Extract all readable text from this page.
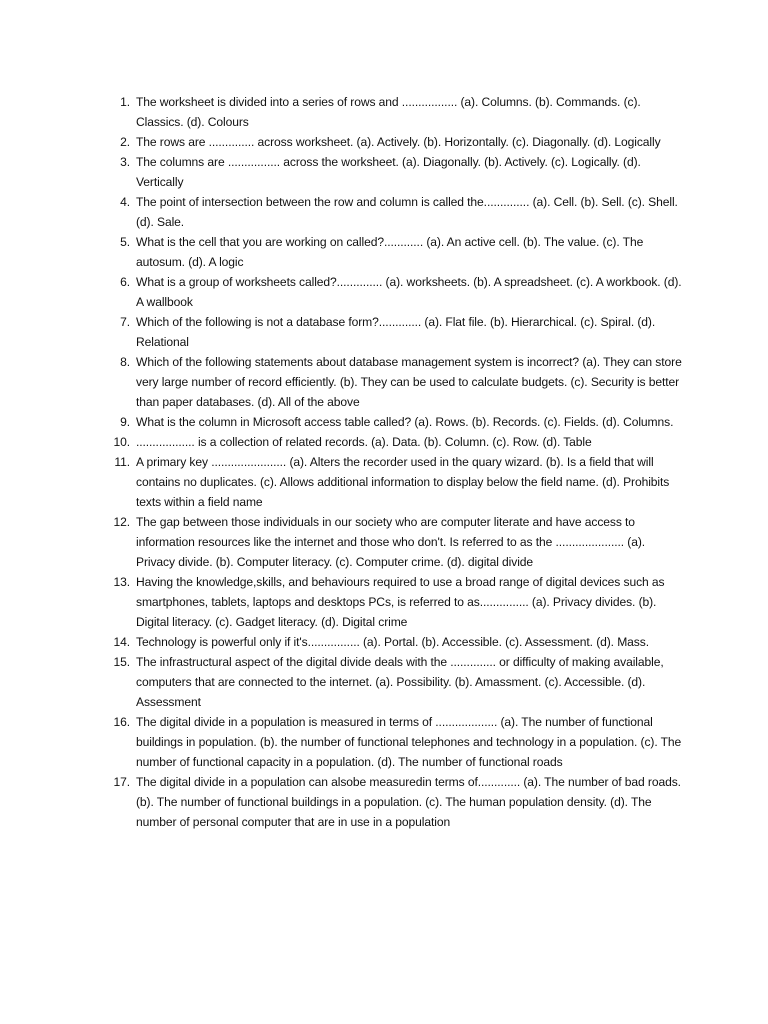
1. The worksheet is divided into a series of rows and ................. (a). Columns. (b). Commands. (c). Classics. (d). Colours
2. The rows are .............. across worksheet. (a). Actively. (b). Horizontally. (c). Diagonally. (d). Logically
3. The columns are ................ across the worksheet. (a). Diagonally. (b). Actively. (c). Logically. (d). Vertically
4. The point of intersection between the row and column is called the.............. (a). Cell. (b). Sell. (c). Shell. (d). Sale.
5. What is the cell that you are working on called?............ (a). An active cell. (b). The value. (c). The autosum. (d). A logic
6. What is a group of worksheets called?.............. (a). worksheets. (b). A spreadsheet. (c). A workbook. (d). A wallbook
7. Which of the following is not a database form?............. (a). Flat file. (b). Hierarchical. (c). Spiral. (d). Relational
8. Which of the following statements about database management system is incorrect? (a). They can store very large number of record efficiently. (b). They can be used to calculate budgets. (c). Security is better than paper databases. (d). All of the above
9. What is the column in Microsoft access table called? (a). Rows. (b). Records. (c). Fields. (d). Columns.
10. .................. is a collection of related records. (a). Data. (b). Column. (c). Row. (d). Table
11. A primary key ....................... (a). Alters the recorder used in the quary wizard. (b). Is a field that will contains no duplicates. (c). Allows additional information to display below the field name. (d). Prohibits texts within a field name
12. The gap between those individuals in our society who are computer literate and have access to information resources like the internet and those who don't. Is referred to as the ..................... (a). Privacy divide. (b). Computer literacy. (c). Computer crime. (d). digital divide
13. Having the knowledge,skills, and behaviours required to use a broad range of digital devices such as smartphones, tablets, laptops and desktops PCs, is referred to as............... (a). Privacy divides. (b). Digital literacy. (c). Gadget literacy. (d). Digital crime
14. Technology is powerful only if it's................ (a). Portal. (b). Accessible. (c). Assessment. (d). Mass.
15. The infrastructural aspect of the digital divide deals with the .............. or difficulty of making available, computers that are connected to the internet. (a). Possibility. (b). Amassment. (c). Accessible. (d). Assessment
16. The digital divide in a population is measured in terms of ................... (a). The number of functional buildings in population. (b). the number of functional telephones and technology in a population. (c). The number of functional capacity in a population. (d). The number of functional roads
17. The digital divide in a population can alsobe measuredin terms of............. (a). The number of bad roads. (b). The number of functional buildings in a population. (c). The human population density. (d). The number of personal computer that are in use in a population
